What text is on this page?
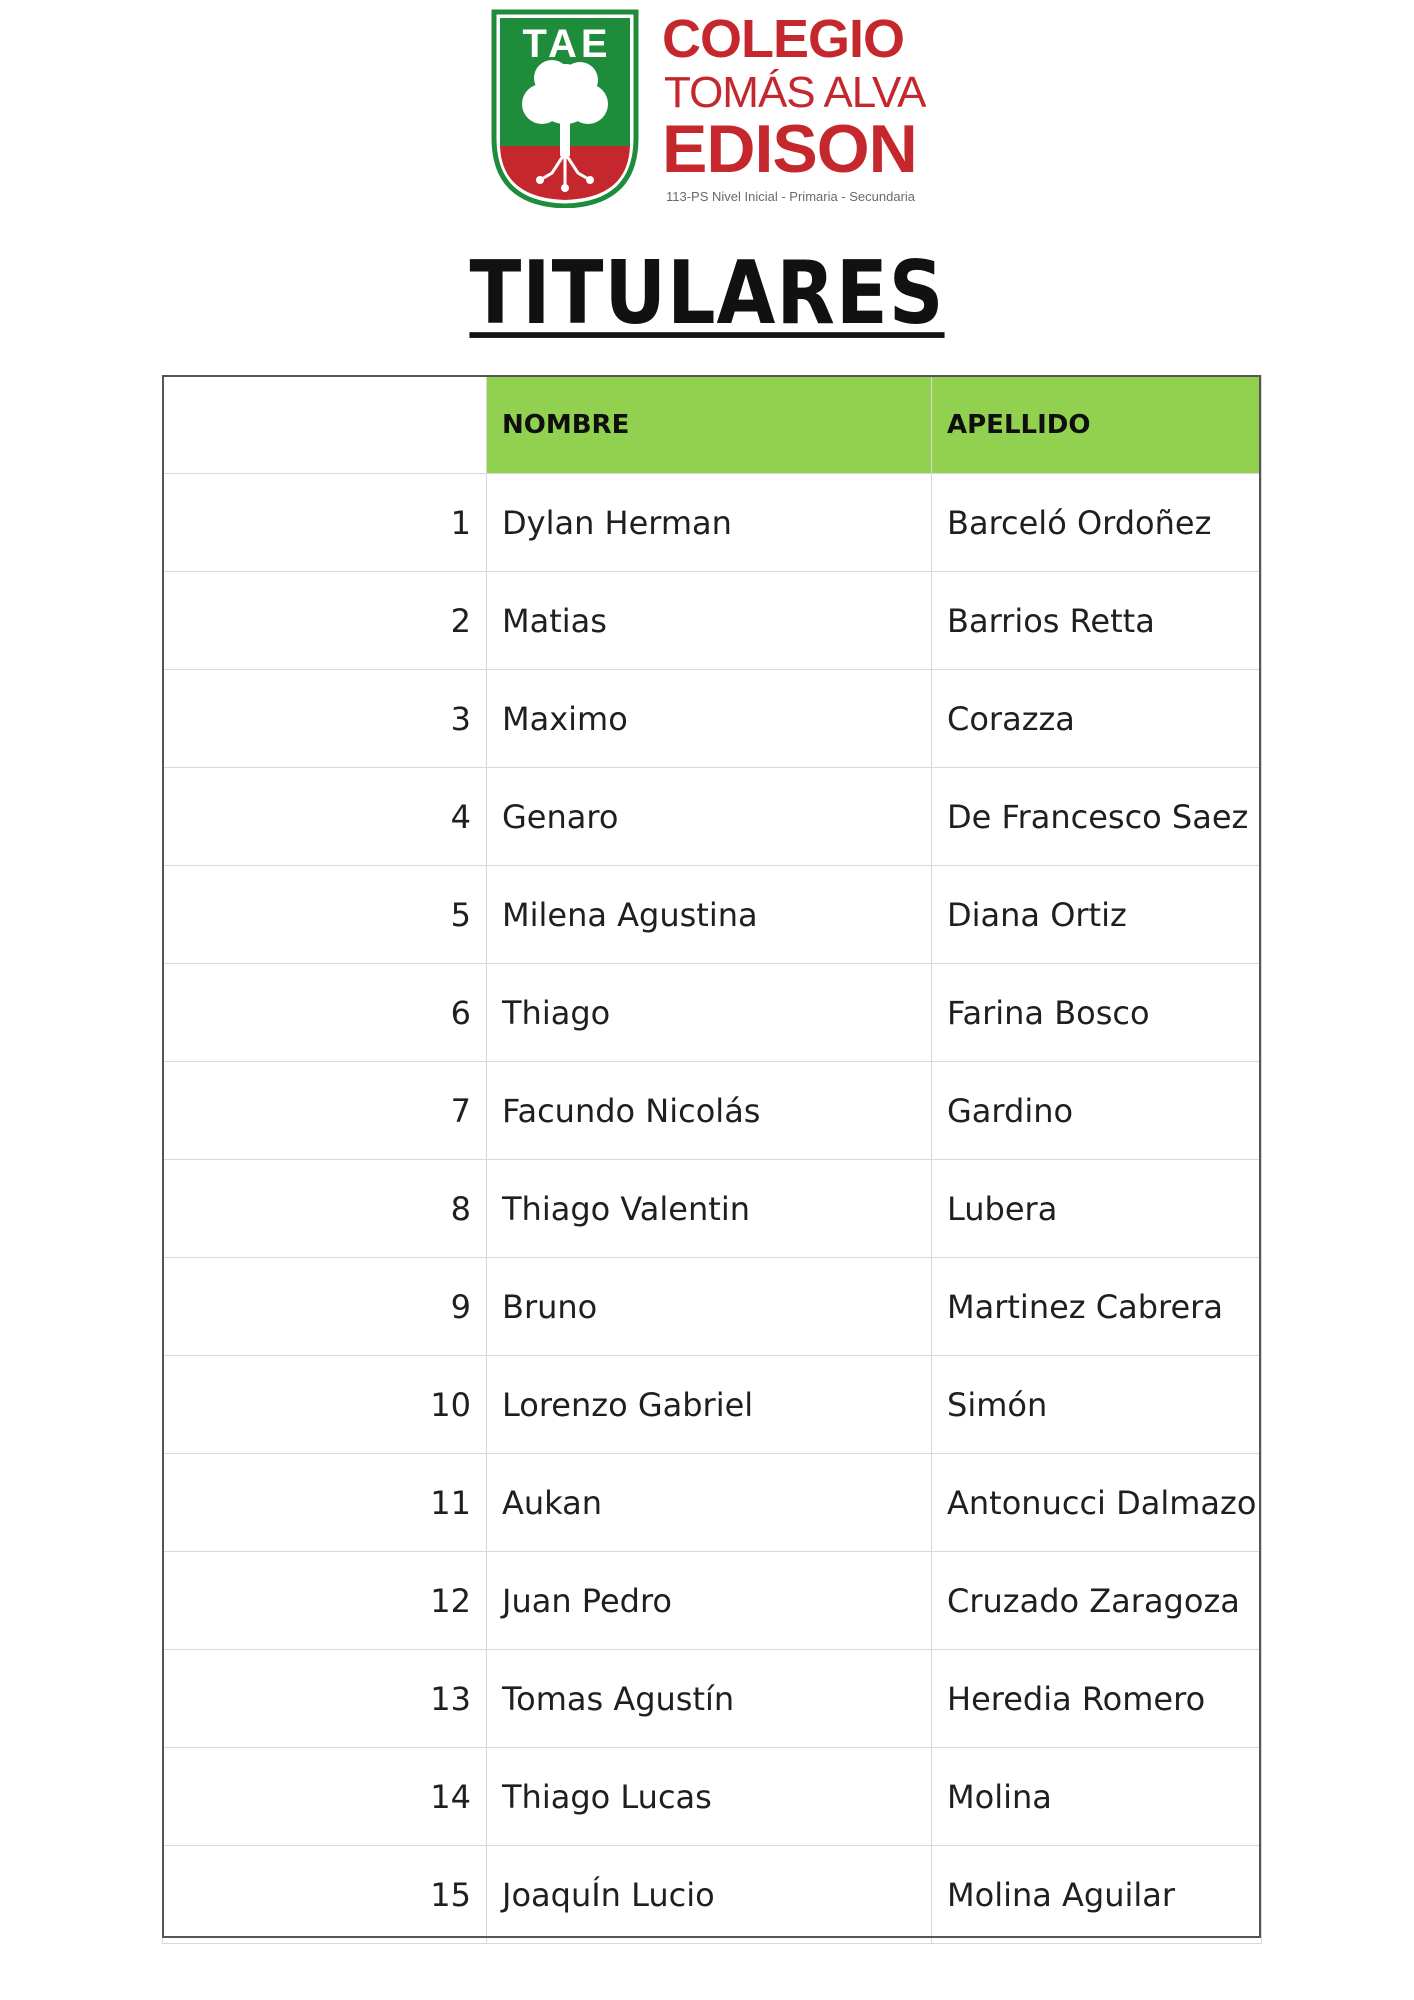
TAE COLEGIO
TOMÁS ALVA
EDISON
113-PS Nivel Inicial - Primaria - Secundaria
TITULARES
	NOMBRE	APELLIDO
1	Dylan Herman	Barceló Ordoñez
2	Matias	Barrios Retta
3	Maximo	Corazza
4	Genaro	De Francesco Saez
5	Milena Agustina	Diana Ortiz
6	Thiago	Farina Bosco
7	Facundo Nicolás	Gardino
8	Thiago Valentin	Lubera
9	Bruno	Martinez Cabrera
10	Lorenzo Gabriel	Simón
11	Aukan	Antonucci Dalmazo
12	Juan Pedro	Cruzado Zaragoza
13	Tomas Agustín	Heredia Romero
14	Thiago Lucas	Molina
15	JoaquÍn Lucio	Molina Aguilar
